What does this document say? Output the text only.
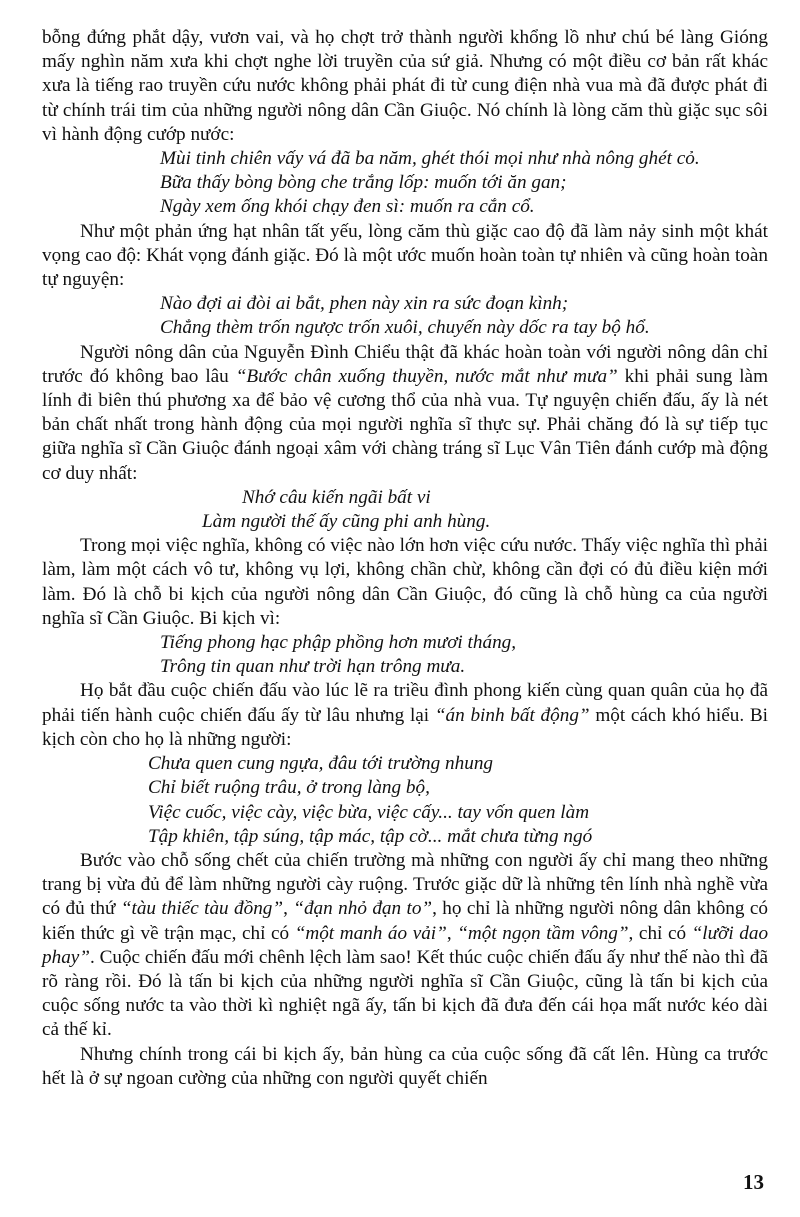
bỗng đứng phắt dậy, vươn vai, và họ chợt trở thành người khổng lồ như chú bé làng Gióng mấy nghìn năm xưa khi chợt nghe lời truyền của sứ giả. Nhưng có một điều cơ bản rất khác xưa là tiếng rao truyền cứu nước không phải phát đi từ cung điện nhà vua mà đã được phát đi từ chính trái tim của những người nông dân Cần Giuộc. Nó chính là lòng căm thù giặc sục sôi vì hành động cướp nước:

Mùi tinh chiên vấy vá đã ba năm, ghét thói mọi như nhà nông ghét cỏ.
Bữa thấy bòng bòng che trắng lốp: muốn tới ăn gan;
Ngày xem ống khói chạy đen sì: muốn ra cắn cổ.

Như một phản ứng hạt nhân tất yếu, lòng căm thù giặc cao độ đã làm nảy sinh một khát vọng cao độ: Khát vọng đánh giặc. Đó là một ước muốn hoàn toàn tự nhiên và cũng hoàn toàn tự nguyện:

Nào đợi ai đòi ai bắt, phen này xin ra sức đoạn kình;
Chẳng thèm trốn ngược trốn xuôi, chuyến này dốc ra tay bộ hổ.

Người nông dân của Nguyễn Đình Chiểu thật đã khác hoàn toàn với người nông dân chỉ trước đó không bao lâu “Bước chân xuống thuyền, nước mắt như mưa” khi phải sung làm lính đi biên thú phương xa để bảo vệ cương thổ của nhà vua. Tự nguyện chiến đấu, ấy là nét bản chất nhất trong hành động của mọi người nghĩa sĩ thực sự. Phải chăng đó là sự tiếp tục giữa nghĩa sĩ Cần Giuộc đánh ngoại xâm với chàng tráng sĩ Lục Vân Tiên đánh cướp mà động cơ duy nhất:

Nhớ câu kiến ngãi bất vi
Làm người thế ấy cũng phi anh hùng.

Trong mọi việc nghĩa, không có việc nào lớn hơn việc cứu nước. Thấy việc nghĩa thì phải làm, làm một cách vô tư, không vụ lợi, không chần chừ, không cần đợi có đủ điều kiện mới làm. Đó là chỗ bi kịch của người nông dân Cần Giuộc, đó cũng là chỗ hùng ca của người nghĩa sĩ Cần Giuộc. Bi kịch vì:

Tiếng phong hạc phập phồng hơn mươi tháng,
Trông tin quan như trời hạn trông mưa.

Họ bắt đầu cuộc chiến đấu vào lúc lẽ ra triều đình phong kiến cùng quan quân của họ đã phải tiến hành cuộc chiến đấu ấy từ lâu nhưng lại “án binh bất động” một cách khó hiểu. Bi kịch còn cho họ là những người:

Chưa quen cung ngựa, đâu tới trường nhung
Chỉ biết ruộng trâu, ở trong làng bộ,
Việc cuốc, việc cày, việc bừa, việc cấy... tay vốn quen làm
Tập khiên, tập súng, tập mác, tập cờ... mắt chưa từng ngó

Bước vào chỗ sống chết của chiến trường mà những con người ấy chỉ mang theo những trang bị vừa đủ để làm những người cày ruộng. Trước giặc dữ là những tên lính nhà nghề vừa có đủ thứ “tàu thiếc tàu đồng”, “đạn nhỏ đạn to”, họ chỉ là những người nông dân không có kiến thức gì về trận mạc, chỉ có “một manh áo vải”, “một ngọn tầm vông”, chỉ có “lưỡi dao phay”. Cuộc chiến đấu mới chênh lệch làm sao! Kết thúc cuộc chiến đấu ấy như thế nào thì đã rõ ràng rồi. Đó là tấn bi kịch của những người nghĩa sĩ Cần Giuộc, cũng là tấn bi kịch của cuộc sống nước ta vào thời kì nghiệt ngã ấy, tấn bi kịch đã đưa đến cái họa mất nước kéo dài cả thế kỉ.

Nhưng chính trong cái bi kịch ấy, bản hùng ca của cuộc sống đã cất lên. Hùng ca trước hết là ở sự ngoan cường của những con người quyết chiến

13
